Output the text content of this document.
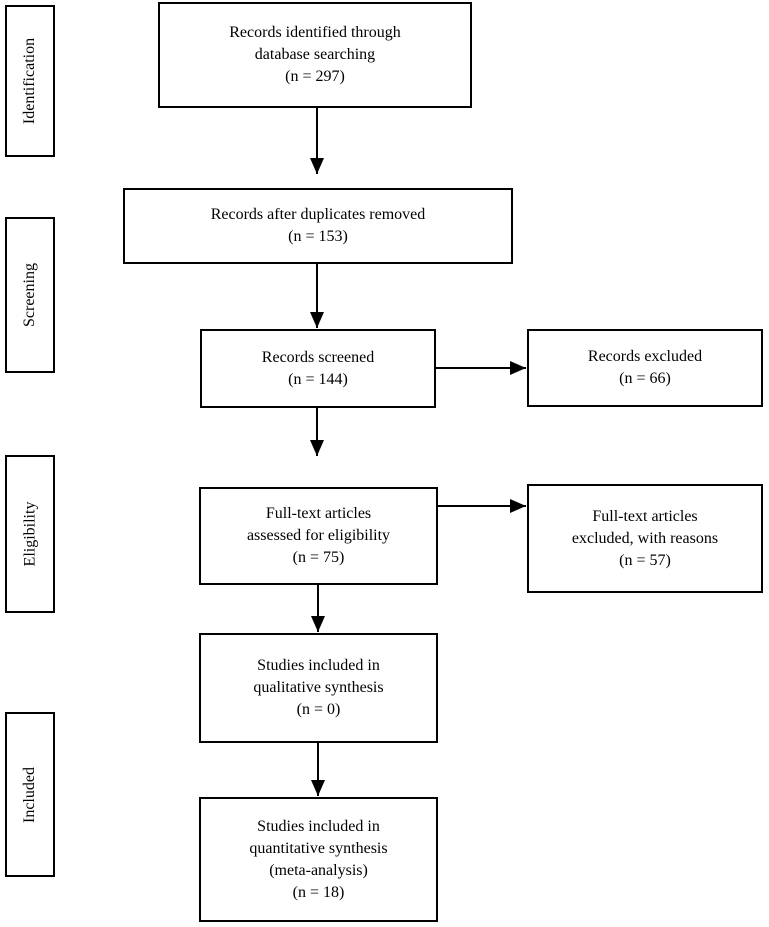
Identification
Screening
Eligibility
Included
Records identified through
database searching
(n = 297)
Records after duplicates removed
(n = 153)
Records screened
(n = 144)
Records excluded
(n = 66)
Full-text articles
assessed for eligibility
(n = 75)
Full-text articles
excluded, with reasons
(n = 57)
Studies included in
qualitative synthesis
(n = 0)
Studies included in
quantitative synthesis
(meta-analysis)
(n = 18)
